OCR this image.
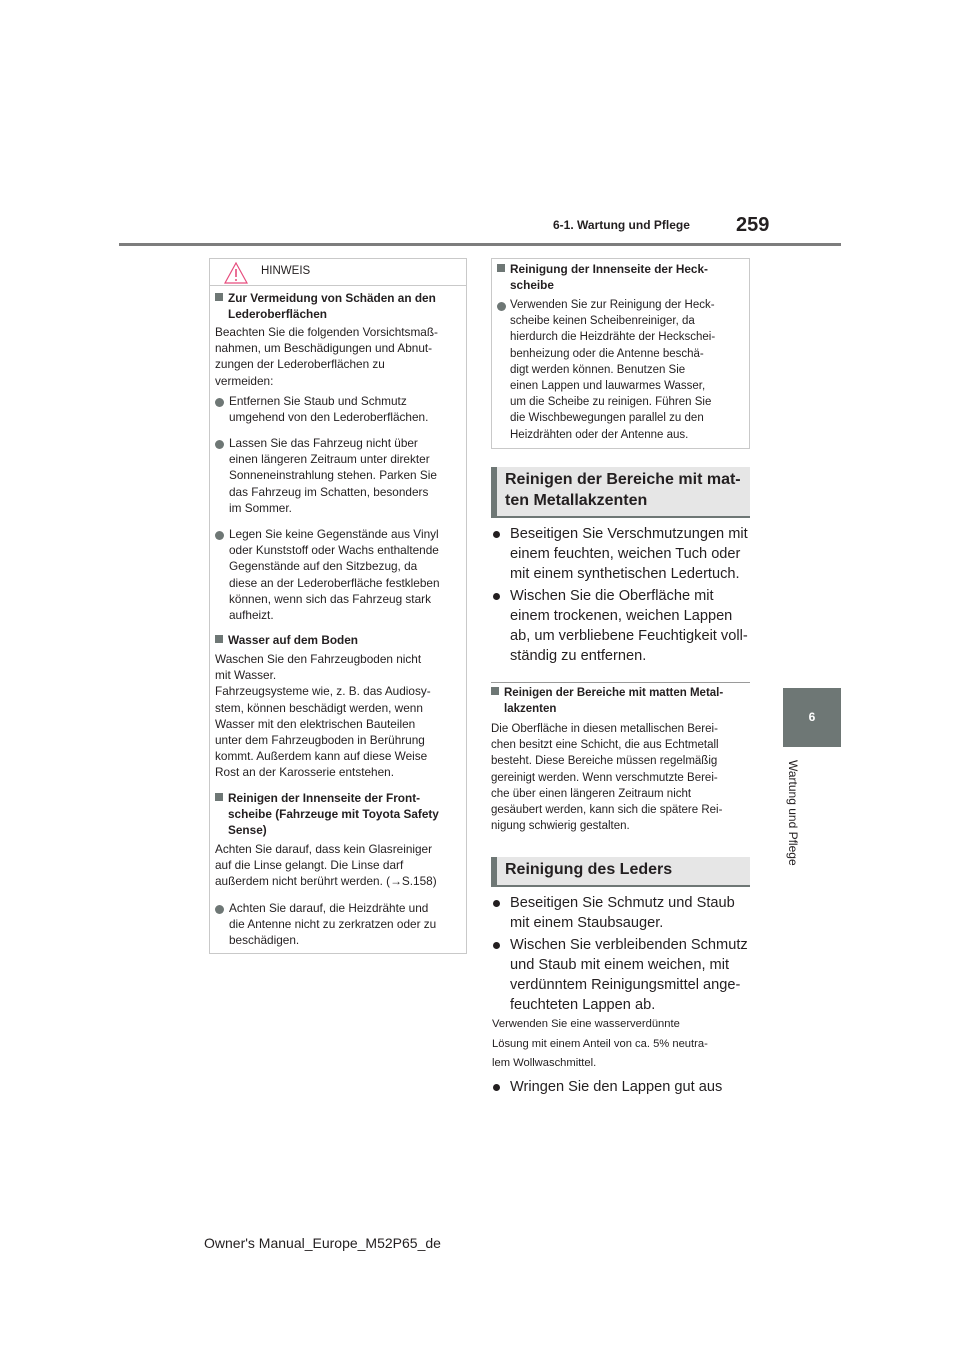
6-1. Wartung und Pflege 259
6
Wartung und Pflege
HINWEIS
Zur Vermeidung von Schäden an den
Lederoberflächen
Beachten Sie die folgenden Vorsichtsmaß-
nahmen, um Beschädigungen und Abnut-
zungen der Lederoberflächen zu
vermeiden:
Entfernen Sie Staub und Schmutz
umgehend von den Lederoberflächen.
Lassen Sie das Fahrzeug nicht über
einen längeren Zeitraum unter direkter
Sonneneinstrahlung stehen. Parken Sie
das Fahrzeug im Schatten, besonders
im Sommer.
Legen Sie keine Gegenstände aus Vinyl
oder Kunststoff oder Wachs enthaltende
Gegenstände auf den Sitzbezug, da
diese an der Lederoberfläche festkleben
können, wenn sich das Fahrzeug stark
aufheizt.
Wasser auf dem Boden
Waschen Sie den Fahrzeugboden nicht
mit Wasser.
Fahrzeugsysteme wie, z. B. das Audiosy-
stem, können beschädigt werden, wenn
Wasser mit den elektrischen Bauteilen
unter dem Fahrzeugboden in Berührung
kommt. Außerdem kann auf diese Weise
Rost an der Karosserie entstehen.
Reinigen der Innenseite der Front-
scheibe (Fahrzeuge mit Toyota Safety
Sense)
Achten Sie darauf, dass kein Glasreiniger
auf die Linse gelangt. Die Linse darf
außerdem nicht berührt werden. (→S.158)
Achten Sie darauf, die Heizdrähte und
die Antenne nicht zu zerkratzen oder zu
beschädigen.
Reinigung der Innenseite der Heck-
scheibe
Verwenden Sie zur Reinigung der Heck-
scheibe keinen Scheibenreiniger, da
hierdurch die Heizdrähte der Heckschei-
benheizung oder die Antenne beschä-
digt werden können. Benutzen Sie
einen Lappen und lauwarmes Wasser,
um die Scheibe zu reinigen. Führen Sie
die Wischbewegungen parallel zu den
Heizdrähten oder der Antenne aus.
Reinigen der Bereiche mit mat-
ten Metallakzenten
Beseitigen Sie Verschmutzungen mit
einem feuchten, weichen Tuch oder
mit einem synthetischen Ledertuch.
Wischen Sie die Oberfläche mit
einem trockenen, weichen Lappen
ab, um verbliebene Feuchtigkeit voll-
ständig zu entfernen.
Reinigen der Bereiche mit matten Metal-
lakzenten
Die Oberfläche in diesen metallischen Berei-
chen besitzt eine Schicht, die aus Echtmetall
besteht. Diese Bereiche müssen regelmäßig
gereinigt werden. Wenn verschmutzte Berei-
che über einen längeren Zeitraum nicht
gesäubert werden, kann sich die spätere Rei-
nigung schwierig gestalten.
Reinigung des Leders
Beseitigen Sie Schmutz und Staub
mit einem Staubsauger.
Wischen Sie verbleibenden Schmutz
und Staub mit einem weichen, mit
verdünntem Reinigungsmittel ange-
feuchteten Lappen ab.
Verwenden Sie eine wasserverdünnte
Lösung mit einem Anteil von ca. 5% neutra-
lem Wollwaschmittel.
Wringen Sie den Lappen gut aus
Owner's Manual_Europe_M52P65_de
